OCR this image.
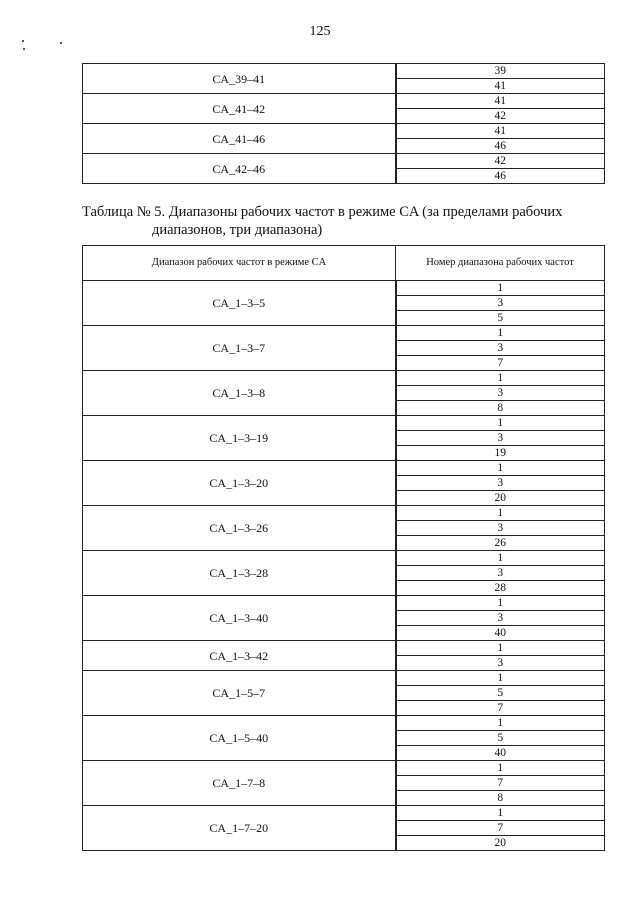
125
CA_39–41	39
	41
CA_41–42	41
	42
CA_41–46	41
	46
CA_42–46	42
	46
Таблица № 5. Диапазоны рабочих частот в режиме CA (за пределами рабочих
диапазонов, три диапазона)
Диапазон рабочих частот в режиме CA	Номер диапазона рабочих частот
CA_1–3–5	1
	3
	5
CA_1–3–7	1
	3
	7
CA_1–3–8	1
	3
	8
CA_1–3–19	1
	3
	19
CA_1–3–20	1
	3
	20
CA_1–3–26	1
	3
	26
CA_1–3–28	1
	3
	28
CA_1–3–40	1
	3
	40
CA_1–3–42	1
	3
CA_1–5–7	1
	5
	7
CA_1–5–40	1
	5
	40
CA_1–7–8	1
	7
	8
CA_1–7–20	1
	7
	20
